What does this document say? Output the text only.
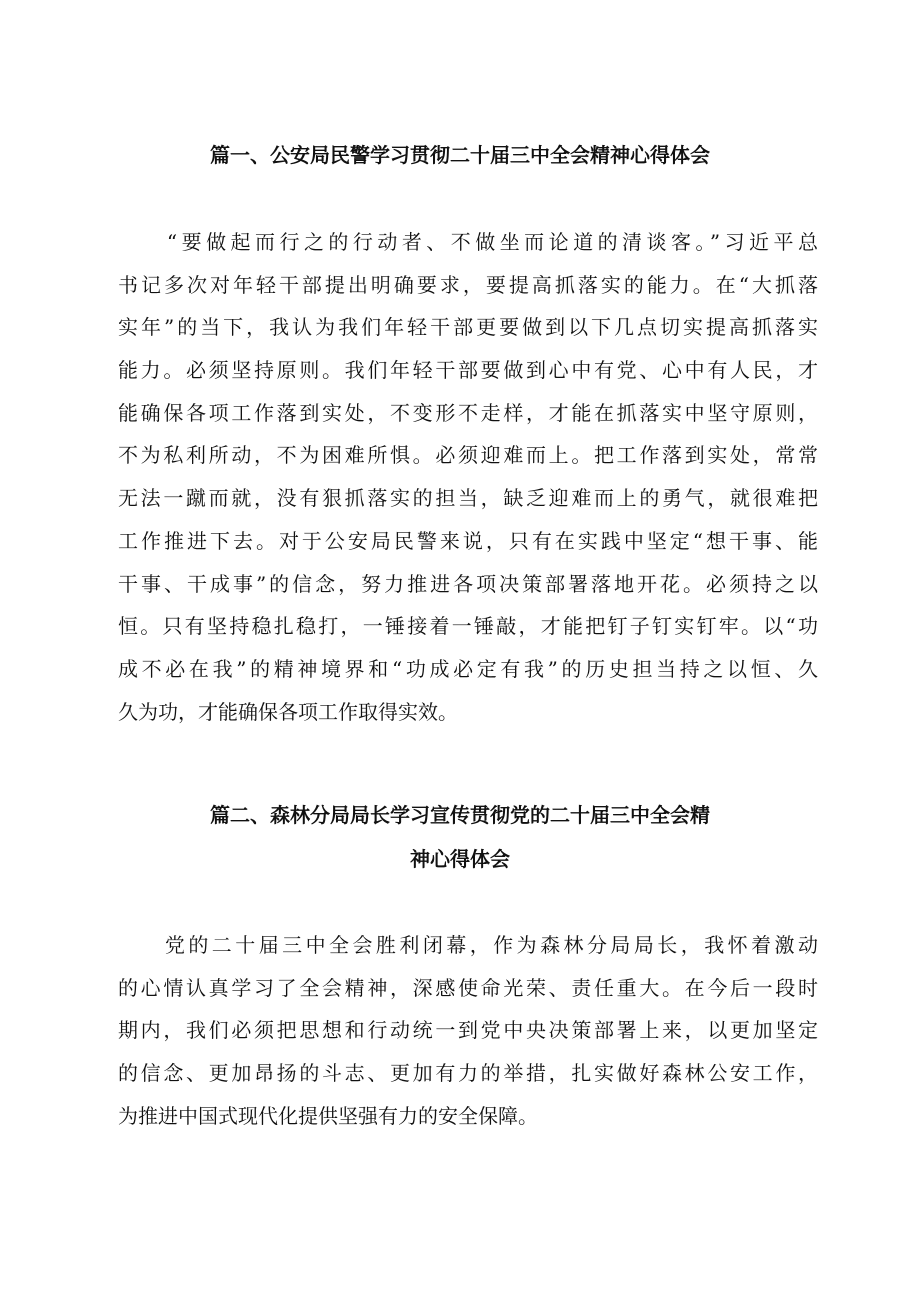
篇一、公安局民警学习贯彻二十届三中全会精神心得体会
　　“要做起而行之的行动者、不做坐而论道的清谈客。”习近平总
书记多次对年轻干部提出明确要求，要提高抓落实的能力。在“大抓落
实年”的当下，我认为我们年轻干部更要做到以下几点切实提高抓落实
能力。必须坚持原则。我们年轻干部要做到心中有党、心中有人民，才
能确保各项工作落到实处，不变形不走样，才能在抓落实中坚守原则，
不为私利所动，不为困难所惧。必须迎难而上。把工作落到实处，常常
无法一蹴而就，没有狠抓落实的担当，缺乏迎难而上的勇气，就很难把
工作推进下去。对于公安局民警来说，只有在实践中坚定“想干事、能
干事、干成事”的信念，努力推进各项决策部署落地开花。必须持之以
恒。只有坚持稳扎稳打，一锤接着一锤敲，才能把钉子钉实钉牢。以“功
成不必在我”的精神境界和“功成必定有我”的历史担当持之以恒、久
久为功，才能确保各项工作取得实效。
篇二、森林分局局长学习宣传贯彻党的二十届三中全会精
神心得体会
　　党的二十届三中全会胜利闭幕，作为森林分局局长，我怀着激动
的心情认真学习了全会精神，深感使命光荣、责任重大。在今后一段时
期内，我们必须把思想和行动统一到党中央决策部署上来，以更加坚定
的信念、更加昂扬的斗志、更加有力的举措，扎实做好森林公安工作，
为推进中国式现代化提供坚强有力的安全保障。
